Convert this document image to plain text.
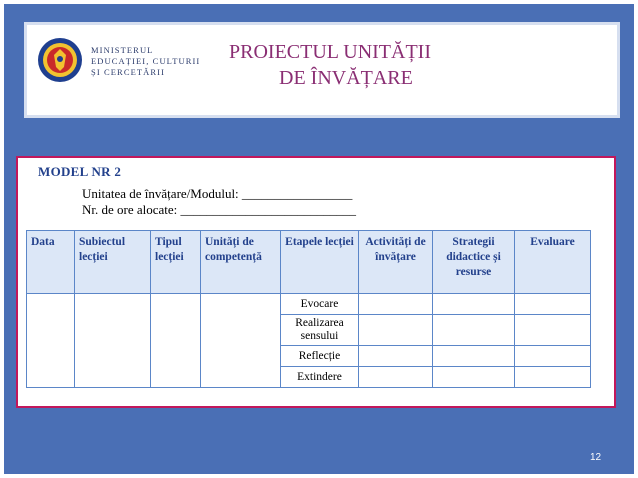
MINISTERUL
EDUCAȚIEI, CULTURII
ȘI CERCETĂRII
PROIECTUL UNITĂȚII
DE ÎNVĂȚARE
MODEL NR 2
Unitatea de învățare/Modulul: _________________
Nr. de ore alocate: ___________________________
Data	Subiectul lecției	Tipul lecției	Unități de competență	Etapele lecției	Activități de învățare	Strategii didactice și resurse	Evaluare
				Evocare			
				Realizarea sensului			
				Reflecție			
				Extindere			
12
